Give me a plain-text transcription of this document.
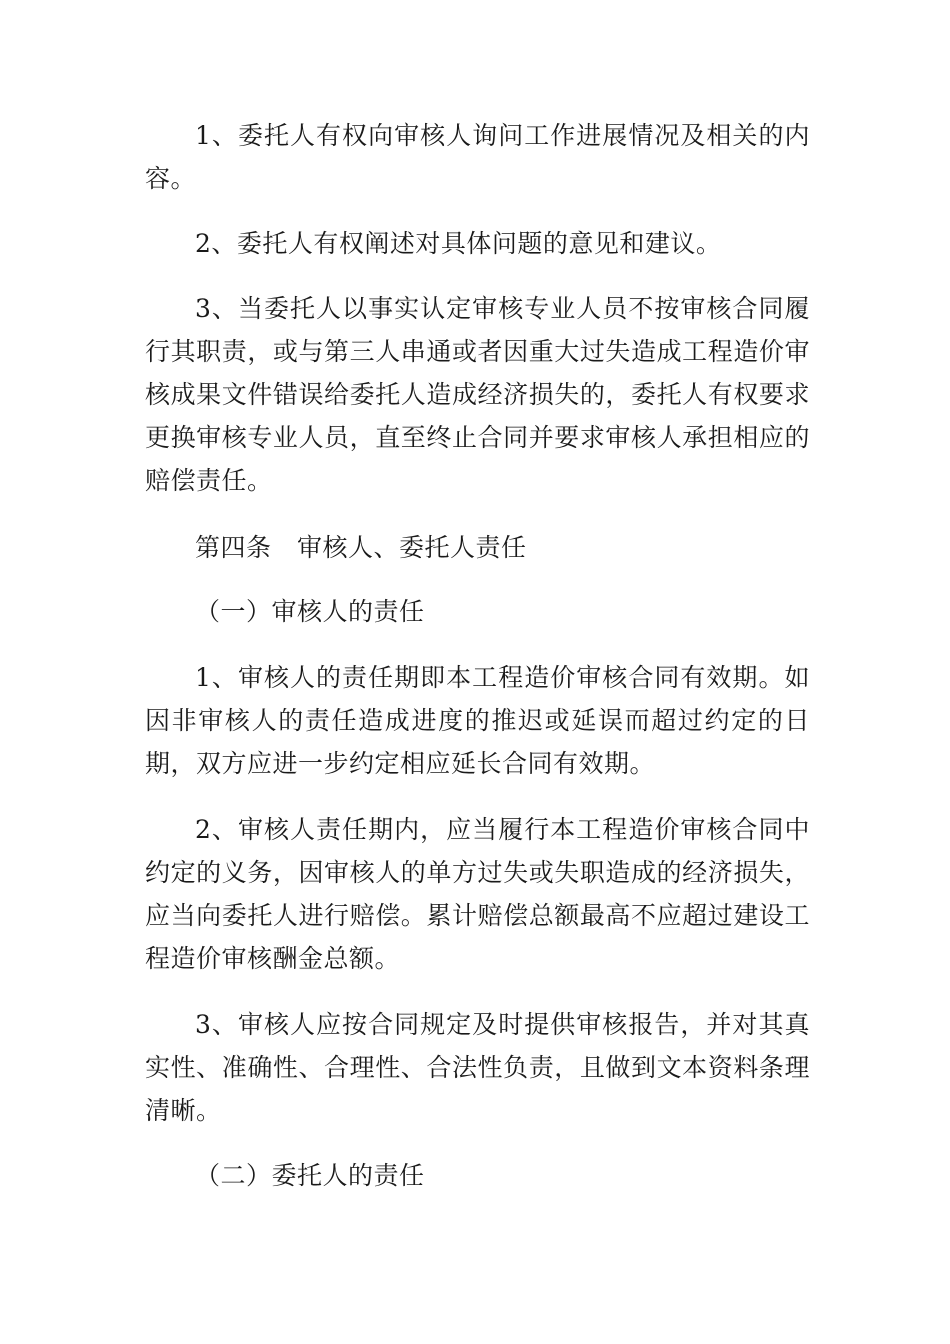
1、委托人有权向审核人询问工作进展情况及相关的内容。

2、委托人有权阐述对具体问题的意见和建议。

3、当委托人以事实认定审核专业人员不按审核合同履行其职责，或与第三人串通或者因重大过失造成工程造价审核成果文件错误给委托人造成经济损失的，委托人有权要求更换审核专业人员，直至终止合同并要求审核人承担相应的赔偿责任。

第四条　审核人、委托人责任

（一）审核人的责任

1、审核人的责任期即本工程造价审核合同有效期。如因非审核人的责任造成进度的推迟或延误而超过约定的日期，双方应进一步约定相应延长合同有效期。

2、审核人责任期内，应当履行本工程造价审核合同中约定的义务，因审核人的单方过失或失职造成的经济损失，应当向委托人进行赔偿。累计赔偿总额最高不应超过建设工程造价审核酬金总额。

3、审核人应按合同规定及时提供审核报告，并对其真实性、准确性、合理性、合法性负责，且做到文本资料条理清晰。

（二）委托人的责任
